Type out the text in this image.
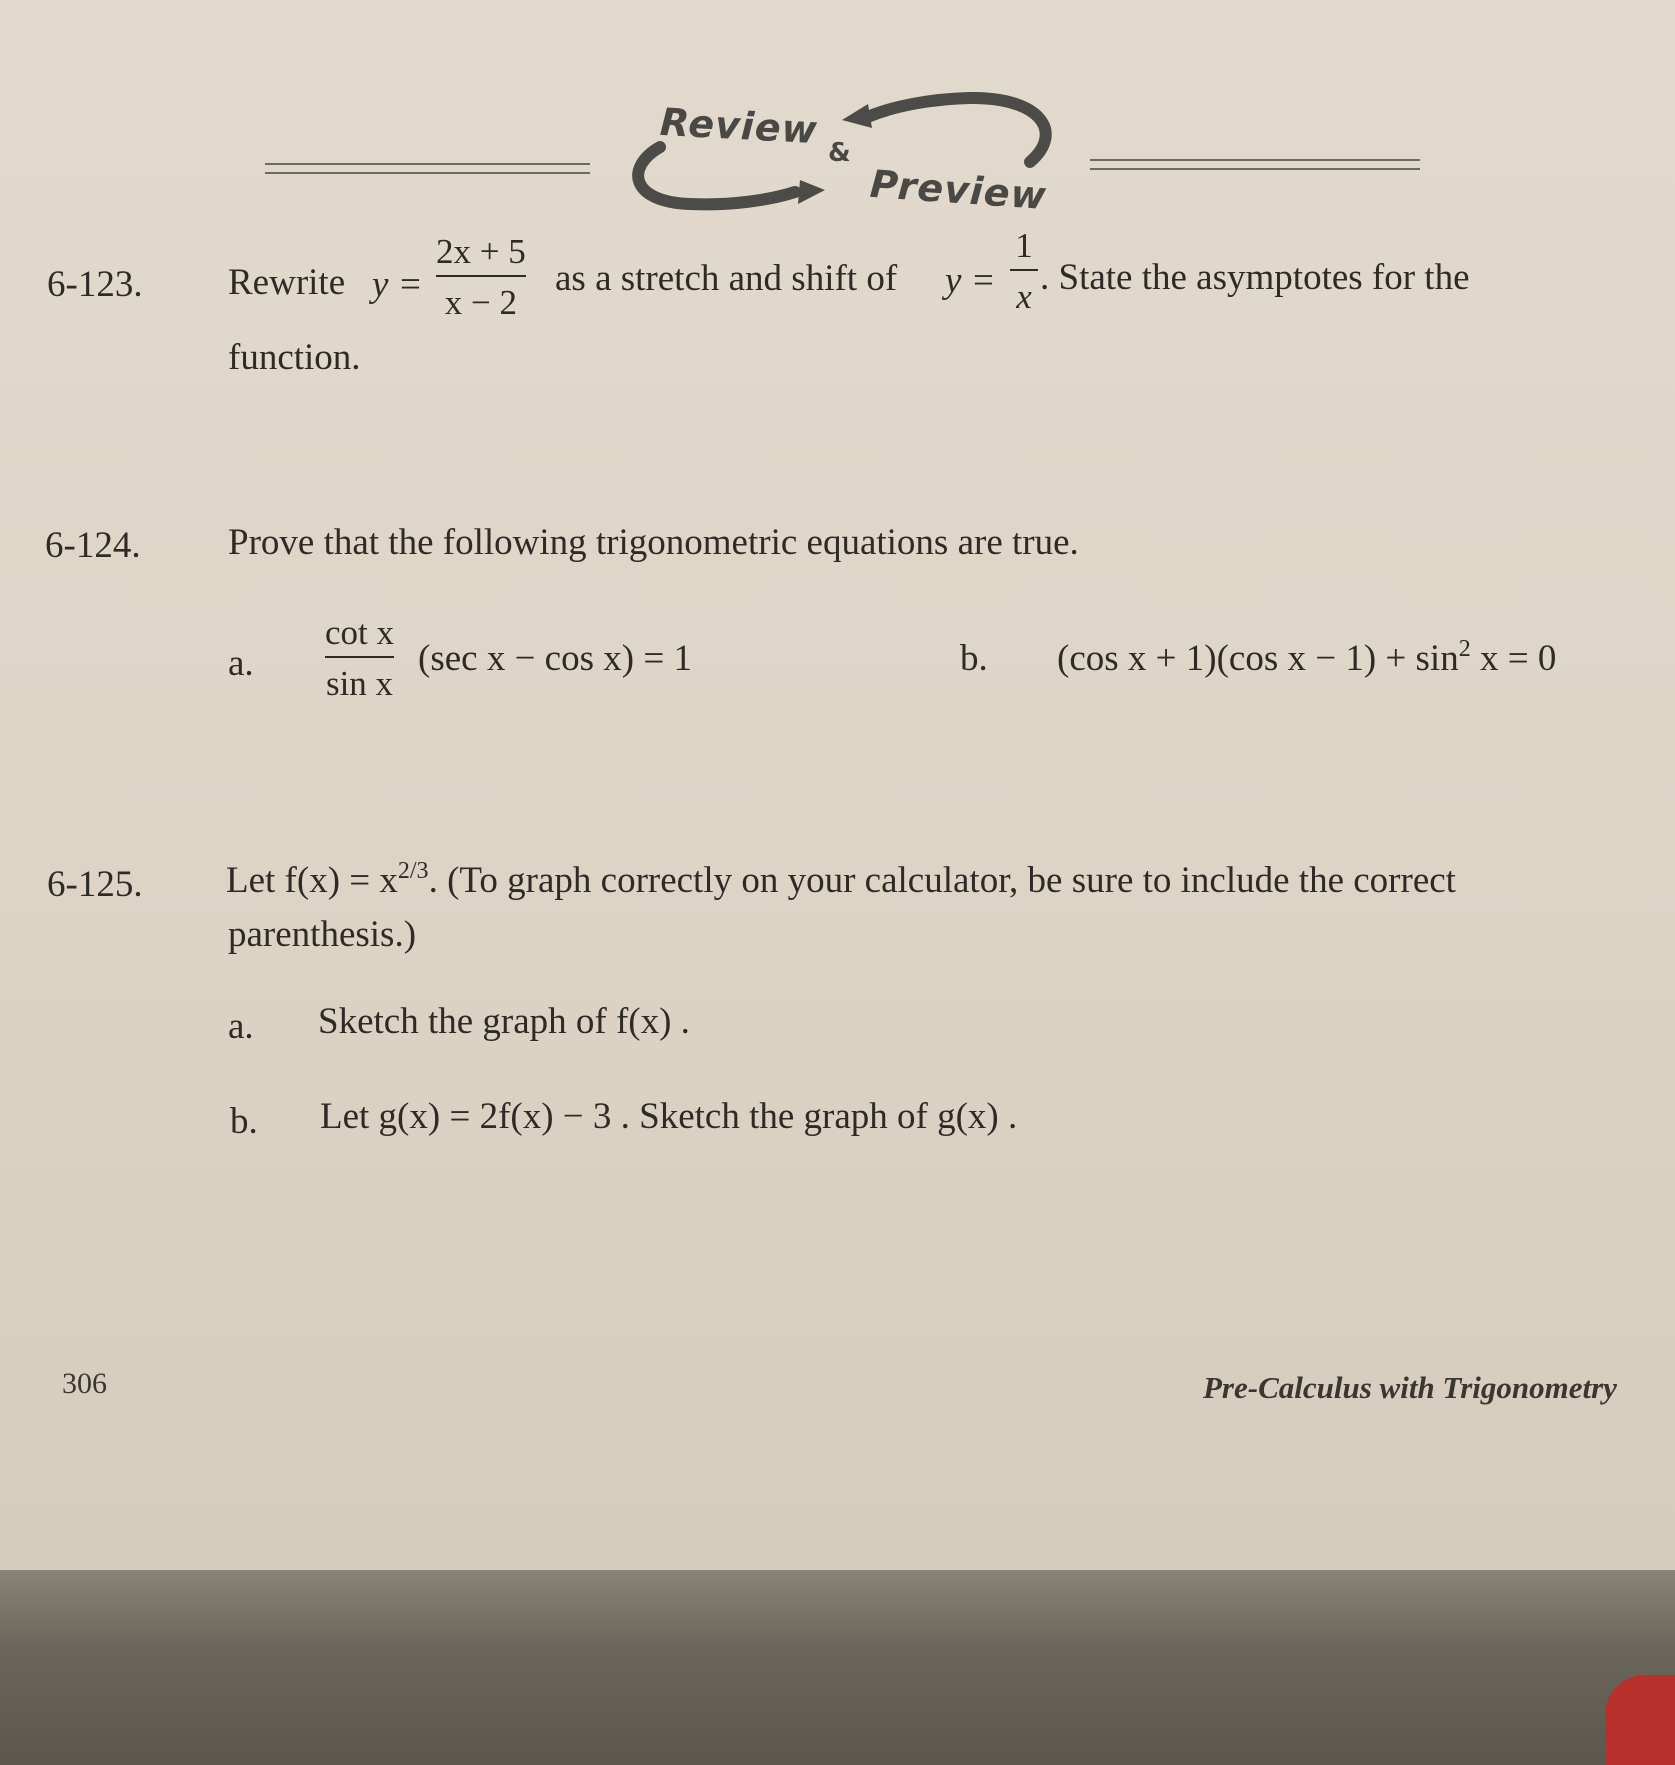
Review
&
Preview
6-123. Rewrite y =
2x + 5
x − 2
as a stretch and shift of y =
1
x . State the asymptotes for the
function.
6-124. Prove that the following trigonometric equations are true.
a.
cot x
sin x
(sec x − cos x) = 1	b. (cos x + 1)(cos $x - 1) + \sin^2 x = 0$
6-125. Let $f(x) = x^{2/3}$. (To graph correctly on your calculator, be sure to include the correct
parenthesis.)
a. Sketch the graph of f(x) .
b. Let g(x) = 2f(x) − 3 . Sketch the graph of g(x) .
306	Pre-Calculus with Trigonometry
